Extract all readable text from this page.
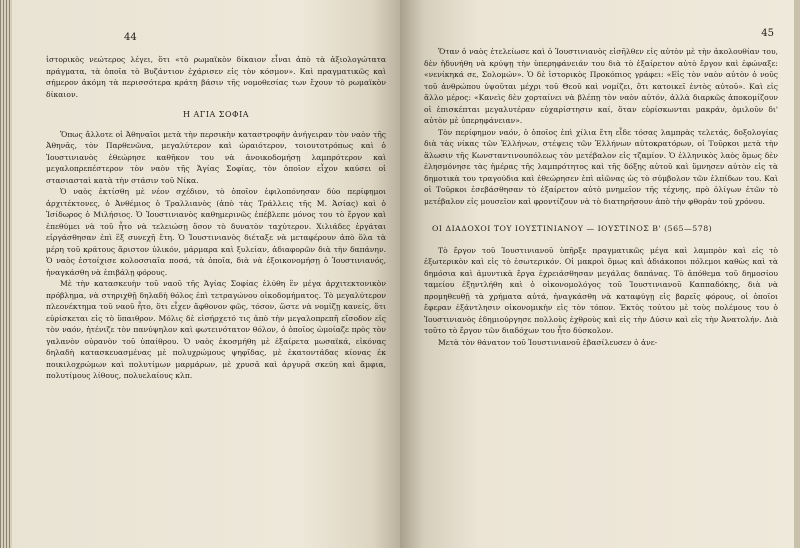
44

ἱστορικὸς νεώτερος λέγει, ὅτι «τὸ ρωμαϊκὸν δίκαιον εἶναι ἀπὸ τὰ ἀξιολογώτατα πράγματα, τὰ ὁποῖα τὸ Βυζάντιον ἐχάρισεν εἰς τὸν κόσμον». Καὶ πραγματικῶς καὶ σήμερον ἀκόμη τὰ περισσότερα κράτη βάσιν τῆς νομοθεσίας των ἔχουν τὸ ρωμαϊκὸν δίκαιον.

Η ΑΓΙΑ ΣΟΦΙΑ

Ὅπως ἄλλοτε οἱ Ἀθηναῖοι μετὰ τὴν περσικὴν καταστροφὴν ἀνήγειραν τὸν ναὸν τῆς Ἀθηνᾶς, τὸν Παρθενῶνα, μεγαλύτερον καὶ ὡραιότερον, τοιουτοτρόπως καὶ ὁ Ἰουστινιανὸς ἐθεώρησε καθῆκον του νὰ ἀνοικοδομήσῃ λαμπρότερον καὶ μεγαλοπρεπέστερον τὸν ναὸν τῆς Ἁγίας Σοφίας, τὸν ὁποῖον εἶχον καύσει οἱ στασιασταὶ κατὰ τὴν στάσιν τοῦ Νίκα.

Ὁ ναὸς ἐκτίσθη μὲ νέον σχέδιον, τὸ ὁποῖον ἐφιλοπόνησαν δύο περίφημοι ἀρχιτέκτονες, ὁ Ἀνθέμιος ὁ Τραλλιανὸς (ἀπὸ τὰς Τράλλεις τῆς Μ. Ἀσίας) καὶ ὁ Ἰσίδωρος ὁ Μιλήσιος. Ὁ Ἰουστινιανὸς καθημερινῶς ἐπέβλεπε μόνος του τὸ ἔργον καὶ ἐπεθύμει νὰ τοῦ ἦτο νὰ τελειώσῃ ὅσον τὸ δυνατὸν ταχύτερον. Χιλιάδες ἐργάται εἰργάσθησαν ἐπὶ ἓξ συνεχῆ ἔτη. Ὁ Ἰουστινιανὸς διέταξε νὰ μεταφέρουν ἀπὸ ὅλα τὰ μέρη τοῦ κράτους ἄριστον ὑλικόν, μάρμαρα καὶ ξυλείαν, ἀδιαφορῶν διὰ τὴν δαπάνην. Ὁ ναὸς ἐστοίχισε κολοσσιαῖα ποσά, τὰ ὁποῖα, διὰ νὰ ἐξοικονομήσῃ ὁ Ἰουστινιανός, ἠναγκάσθη νὰ ἐπιβάλῃ φόρους.

Μὲ τὴν κατασκευὴν τοῦ ναοῦ τῆς Ἁγίας Σοφίας ἐλύθη ἓν μέγα ἀρχιτεκτονικὸν πρόβλημα, νὰ στηριχθῇ δηλαδὴ θόλος ἐπὶ τετραγώνου οἰκοδομήματος. Τὸ μεγαλύτερον πλεονέκτημα τοῦ ναοῦ ἦτο, ὅτι εἶχεν ἄφθονον φῶς, τόσον, ὥστε νὰ νομίζῃ κανείς, ὅτι εὑρίσκεται εἰς τὸ ὕπαιθρον. Μόλις δὲ εἰσήρχετό τις ἀπὸ τὴν μεγαλοπρεπῆ εἴσοδον εἰς τὸν ναόν, ἠτένιζε τὸν πανύψηλον καὶ φωτεινότατον θόλον, ὁ ὁποῖος ὡμοίαζε πρὸς τὸν γαλανὸν οὐρανὸν τοῦ ὑπαίθρου. Ὁ ναὸς ἐκοσμήθη μὲ ἐξαίρετα μωσαϊκά, εἰκόνας δηλαδὴ κατασκευασμένας μὲ πολυχρώμους ψηφῖδας, μὲ ἑκατοντάδας κίονας ἐκ ποικιλοχρώμων καὶ πολυτίμων μαρμάρων, μὲ χρυσᾶ καὶ ἀργυρᾶ σκεύη καὶ ἄμφια, πολυτίμους λίθους, πολυελαίους κλπ.

45

Ὅταν ὁ ναὸς ἐτελείωσε καὶ ὁ Ἰουστινιανὸς εἰσῆλθεν εἰς αὐτὸν μὲ τὴν ἀκολουθίαν του, δὲν ἠδυνήθη νὰ κρύψῃ τὴν ὑπερηφάνειάν του διὰ τὸ ἐξαίρετον αὐτὸ ἔργον καὶ ἐφώναξε: «νενίκηκά σε, Σολομών». Ὁ δὲ ἱστορικὸς Προκόπιος γράφει: «Εἰς τὸν ναὸν αὐτὸν ὁ νοῦς τοῦ ἀνθρώπου ὑψοῦται μέχρι τοῦ Θεοῦ καὶ νομίζει, ὅτι κατοικεῖ ἐντὸς αὐτοῦ». Καὶ εἰς ἄλλο μέρος: «Κανεὶς δὲν χορταίνει νὰ βλέπῃ τὸν ναὸν αὐτόν, ἀλλὰ διαρκῶς ἀποκομίζουν οἱ ἐπισκέπται μεγαλυτέραν εὐχαρίστησιν καί, ὅταν εὑρίσκωνται μακράν, ὁμιλοῦν δι' αὐτὸν μὲ ὑπερηφάνειαν».

Τὸν περίφημον ναόν, ὁ ὁποῖος ἐπὶ χίλια ἔτη εἶδε τόσας λαμπρὰς τελετάς, δοξολογίας διὰ τὰς νίκας τῶν Ἑλλήνων, στέψεις τῶν Ἑλλήνων αὐτοκρατόρων, οἱ Τοῦρκοι μετὰ τὴν ἅλωσιν τῆς Κωνσταντινουπόλεως τὸν μετέβαλον εἰς τζαμίον. Ὁ ἑλληνικὸς λαὸς ὅμως δὲν ἐλησμόνησε τὰς ἡμέρας τῆς λαμπρότητος καὶ τῆς δόξης αὐτοῦ καὶ ὕμνησεν αὐτὸν εἰς τὰ δημοτικὰ του τραγούδια καὶ ἐθεώρησεν ἐπὶ αἰῶνας ὡς τὸ σύμβολον τῶν ἐλπίδων του. Καὶ οἱ Τοῦρκοι ἐσεβάσθησαν τὸ ἐξαίρετον αὐτὸ μνημεῖον τῆς τέχνης, πρὸ ὀλίγων ἐτῶν τὸ μετέβαλον εἰς μουσεῖον καὶ φροντίζουν νὰ τὸ διατηρήσουν ἀπὸ τὴν φθορὰν τοῦ χρόνου.

ΟΙ ΔΙΑΔΟΧΟΙ ΤΟΥ ΙΟΥΣΤΙΝΙΑΝΟΥ — ΙΟΥΣΤΙΝΟΣ Β' (565—578)

Τὸ ἔργον τοῦ Ἰουστινιανοῦ ὑπῆρξε πραγματικῶς μέγα καὶ λαμπρὸν καὶ εἰς τὸ ἐξωτερικὸν καὶ εἰς τὸ ἐσωτερικόν. Οἱ μακροὶ ὅμως καὶ ἀδιάκοποι πόλεμοι καθὼς καὶ τὰ δημόσια καὶ ἀμυντικὰ ἔργα ἐχρειάσθησαν μεγάλας δαπάνας. Τὸ ἀπόθεμα τοῦ δημοσίου ταμείου ἐξηντλήθη καὶ ὁ οἰκονομολόγος τοῦ Ἰουστινιανοῦ Καππαδόκης, διὰ νὰ προμηθευθῇ τὰ χρήματα αὐτά, ἠναγκάσθη νὰ καταφύγῃ εἰς βαρεῖς φόρους, οἱ ὁποῖοι ἔφεραν ἐξάντλησιν οἰκονομικὴν εἰς τὸν τόπον. Ἐκτὸς τούτου μὲ τοὺς πολέμους του ὁ Ἰουστινιανὸς ἐδημιούργησε πολλοὺς ἐχθροὺς καὶ εἰς τὴν Δύσιν καὶ εἰς τὴν Ἀνατολήν. Διὰ τοῦτο τὸ ἔργον τῶν διαδόχων του ἦτο δύσκολον.

Μετὰ τὸν θάνατον τοῦ Ἰουστινιανοῦ ἐβασίλευσεν ὁ ἀνε-
